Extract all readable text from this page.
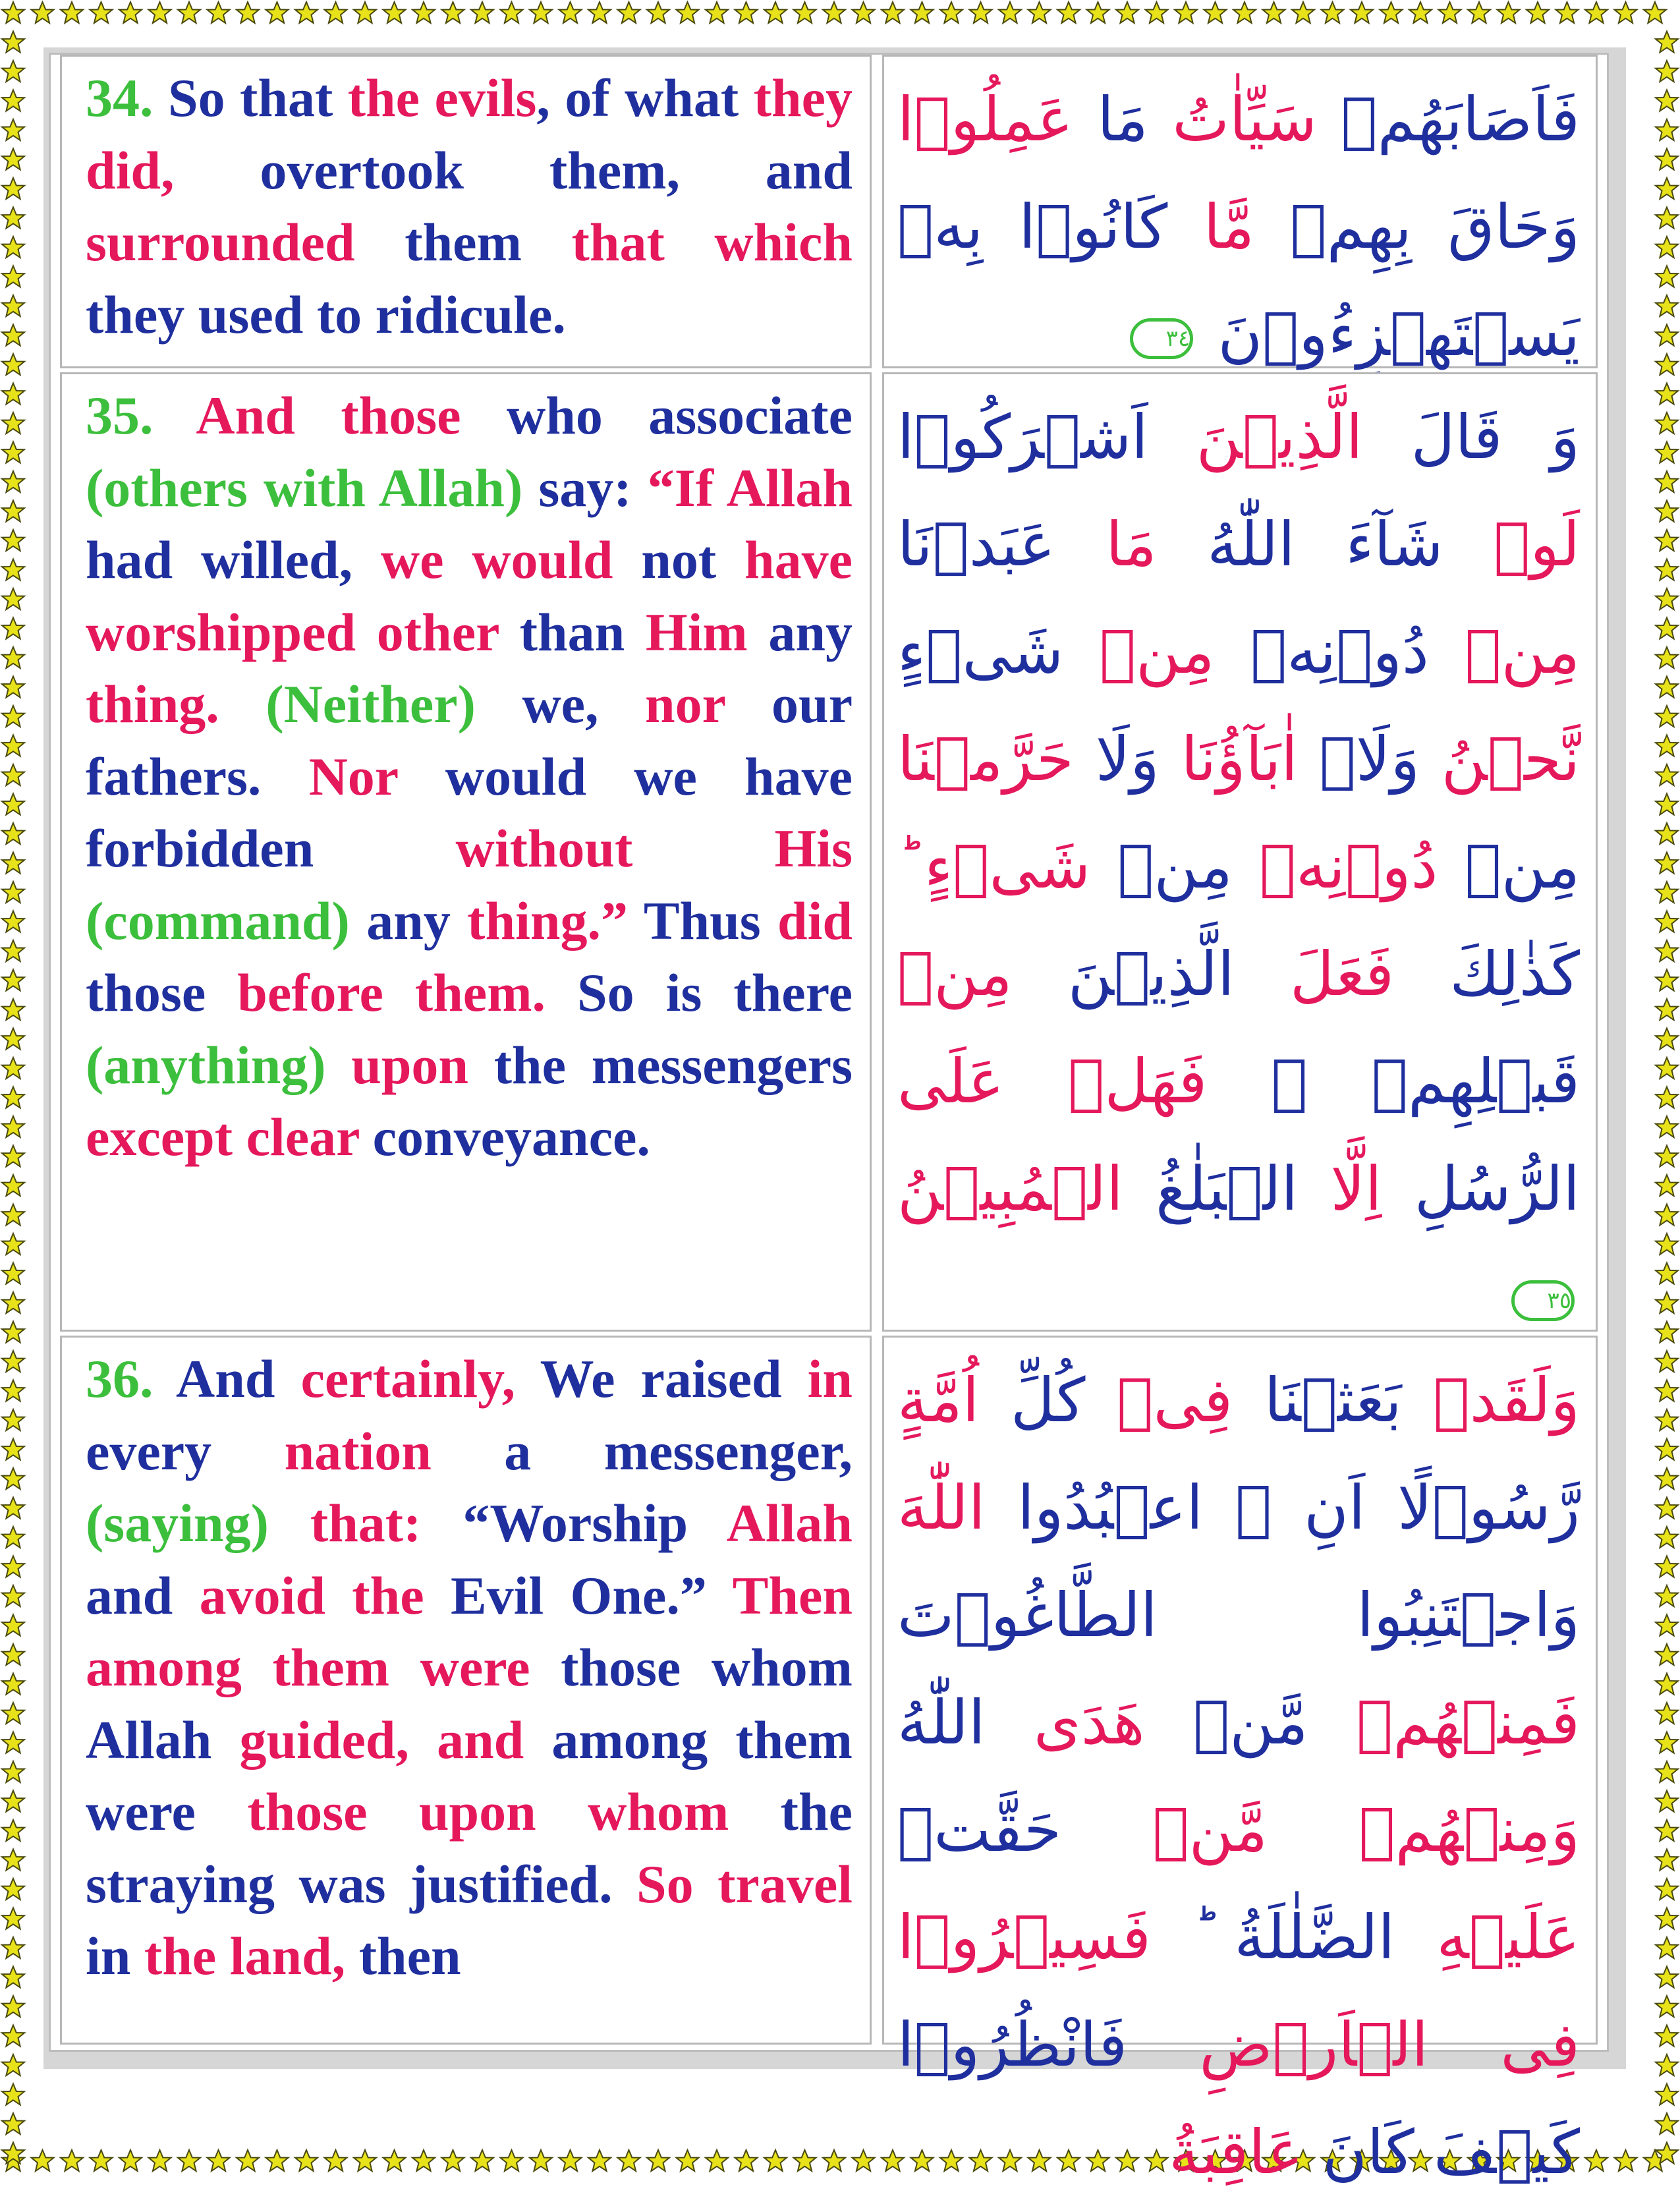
34. So that the evils, of what they did, overtook them, and surrounded them that which they used to ridicule.

فَاَصَابَهُمۡ سَيِّاٰتُ مَا عَمِلُوۡا وَحَاقَ بِهِمۡ مَّا كَانُوۡا بِهٖ يَسۡتَهۡزِءُوۡنَ ٣٤

35. And those who associate (others with Allah) say: “If Allah had willed, we would not have worshipped other than Him any thing. (Neither) we, nor our fathers. Nor would we have forbidden without His (command) any thing.” Thus did those before them. So is there (anything) upon the messengers except clear conveyance.

وَ قَالَ الَّذِيۡنَ اَشۡرَكُوۡا لَوۡ شَآءَ اللّٰهُ مَا عَبَدۡنَا مِنۡ دُوۡنِهٖ مِنۡ شَىۡءٍ نَّحۡنُ وَلَاۤ اٰبَآؤُنَا وَلَا حَرَّمۡنَا مِنۡ دُوۡنِهٖ مِنۡ شَىۡءٍ ؕ كَذٰلِكَ فَعَلَ الَّذِيۡنَ مِنۡ قَبۡلِهِمۡ ۚ فَهَلۡ عَلَى الرُّسُلِ اِلَّا الۡبَلٰغُ الۡمُبِيۡنُ ٣٥

36. And certainly, We raised in every nation a messenger, (saying) that: “Worship Allah and avoid the Evil One.” Then among them were those whom Allah guided, and among them were those upon whom the straying was justified. So travel in the land, then

وَلَقَدۡ بَعَثۡنَا فِىۡ كُلِّ اُمَّةٍ رَّسُوۡلًا اَنِ ۚ اعۡبُدُوا اللّٰهَ وَاجۡتَنِبُوا الطَّاغُوۡتَ فَمِنۡهُمۡ مَّنۡ هَدَى اللّٰهُ وَمِنۡهُمۡ مَّنۡ حَقَّتۡ عَلَيۡهِ الضَّلٰلَةُ ؕ فَسِيۡرُوۡا فِى الۡاَرۡضِ فَانْظُرُوۡا كَيۡفَ كَانَ عَاقِبَةُ
